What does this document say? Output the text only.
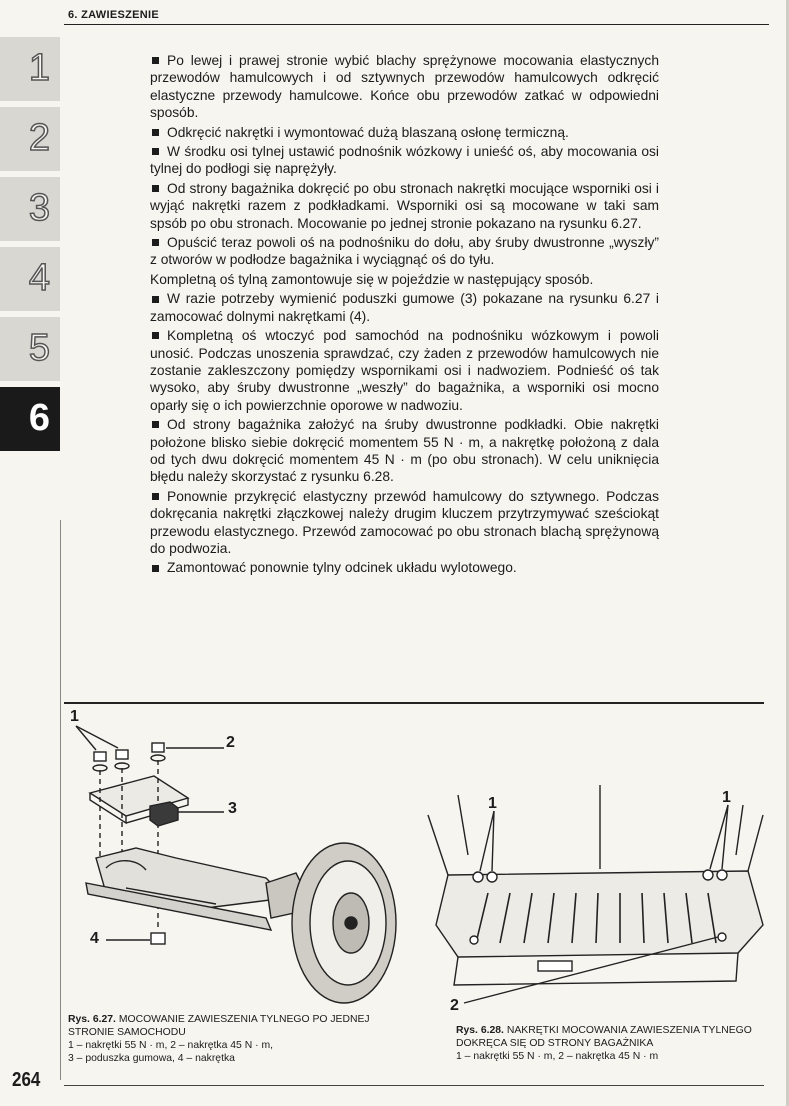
6. ZAWIESZENIE
1
2
3
4
5
6

Po lewej i prawej stronie wybić blachy sprężynowe mocowania elastycznych przewodów hamulcowych i od sztywnych przewodów hamulcowych odkręcić elastyczne przewody hamulcowe. Końce obu przewodów zatkać w odpowiedni sposób.

Odkręcić nakrętki i wymontować dużą blaszaną osłonę termiczną.

W środku osi tylnej ustawić podnośnik wózkowy i unieść oś, aby mocowania osi tylnej do podłogi się naprężyły.

Od strony bagażnika dokręcić po obu stronach nakrętki mocujące wsporniki osi i wyjąć nakrętki razem z podkładkami. Wsporniki osi są mocowane w taki sam spsób po obu stronach. Mocowanie po jednej stronie pokazano na rysunku 6.27.

Opuścić teraz powoli oś na podnośniku do dołu, aby śruby dwustronne „wyszły” z otworów w podłodze bagażnika i wyciągnąć oś do tyłu.

Kompletną oś tylną zamontowuje się w pojeździe w następujący sposób.

W razie potrzeby wymienić poduszki gumowe (3) pokazane na rysunku 6.27 i zamocować dolnymi nakrętkami (4).

Kompletną oś wtoczyć pod samochód na podnośniku wózkowym i powoli unosić. Podczas unoszenia sprawdzać, czy żaden z przewodów hamulcowych nie zostanie zakleszczony pomiędzy wspornikami osi i nadwoziem. Podnieść oś tak wysoko, aby śruby dwustronne „weszły” do bagażnika, a wsporniki osi mocno oparły się o ich powierzchnie oporowe w nadwoziu.

Od strony bagażnika założyć na śruby dwustronne podkładki. Obie nakrętki położone blisko siebie dokręcić momentem 55 N · m, a nakrętkę położoną z dala od tych dwu dokręcić momentem 45 N · m (po obu stronach). W celu uniknięcia błędu należy skorzystać z rysunku 6.28.

Ponownie przykręcić elastyczny przewód hamulcowy do sztywnego. Podczas dokręcania nakrętki złączkowej należy drugim kluczem przytrzymywać sześciokąt przewodu elastycznego. Przewód zamocować po obu stronach blachą sprężynową do podwozia.

Zamontować ponownie tylny odcinek układu wylotowego.

1
2
3
4
1	1
2
Rys. 6.27. MOCOWANIE ZAWIESZENIA TYLNEGO PO JEDNEJ STRONIE SAMOCHODU
1 – nakrętki 55 N · m, 2 – nakrętka 45 N · m,
3 – poduszka gumowa, 4 – nakrętka
Rys. 6.28. NAKRĘTKI MOCOWANIA ZAWIESZENIA TYLNEGO DOKRĘCA SIĘ OD STRONY BAGAŻNIKA
1 – nakrętki 55 N · m, 2 – nakrętka 45 N · m
264
